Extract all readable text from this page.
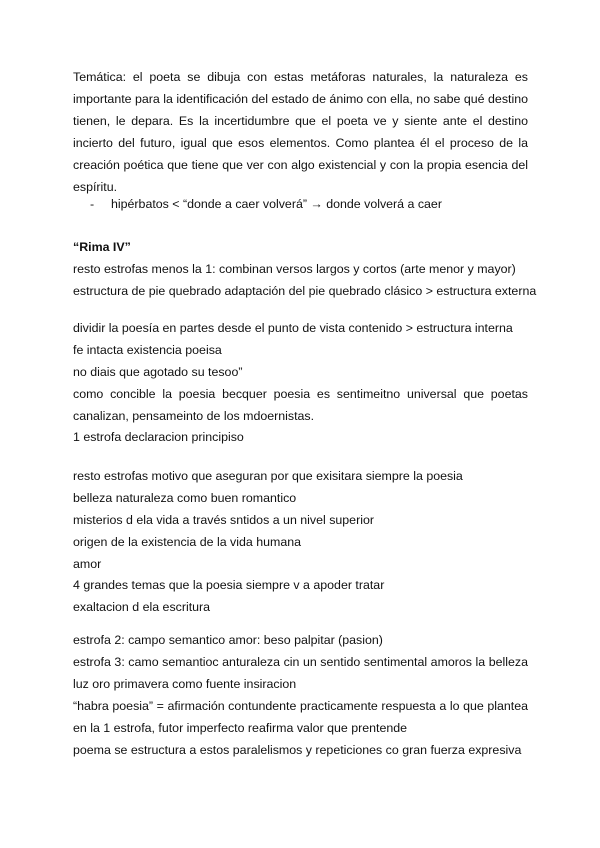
Temática: el poeta se dibuja con estas metáforas naturales, la naturaleza es importante para la identificación del estado de ánimo con ella, no sabe qué destino tienen, le depara. Es la incertidumbre que el poeta ve y siente ante el destino incierto del futuro, igual que esos elementos. Como plantea él el proceso de la creación poética que tiene que ver con algo existencial y con la propia esencia del espíritu.
- hipérbatos < “donde a caer volverá” → donde volverá a caer
“Rima IV”
resto estrofas menos la 1: combinan versos largos y cortos (arte menor y mayor)
estructura de pie quebrado adaptación del pie quebrado clásico > estructura externa
dividir la poesía en partes desde el punto de vista contenido > estructura interna
fe intacta existencia poeisa
no diais que agotado su tesoo”
como concible la poesia becquer poesia es sentimeitno universal que poetas canalizan, pensameinto de los mdoernistas.
1 estrofa declaracion principiso
resto estrofas motivo que aseguran por que exisitara siempre la poesia
belleza naturaleza como buen romantico
misterios d ela vida a través sntidos a un nivel superior
origen de la existencia de la vida humana
amor
4 grandes temas que la poesia siempre v a apoder tratar
exaltacion d ela escritura
estrofa 2: campo semantico amor: beso palpitar (pasion)
estrofa 3: camo semantioc anturaleza cin un sentido sentimental amoros la belleza luz oro primavera como fuente insiracion
“habra poesia” = afirmación contundente practicamente respuesta a lo que plantea en la 1 estrofa, futor imperfecto reafirma valor que prentende
poema se estructura a estos paralelismos y repeticiones co gran fuerza expresiva
